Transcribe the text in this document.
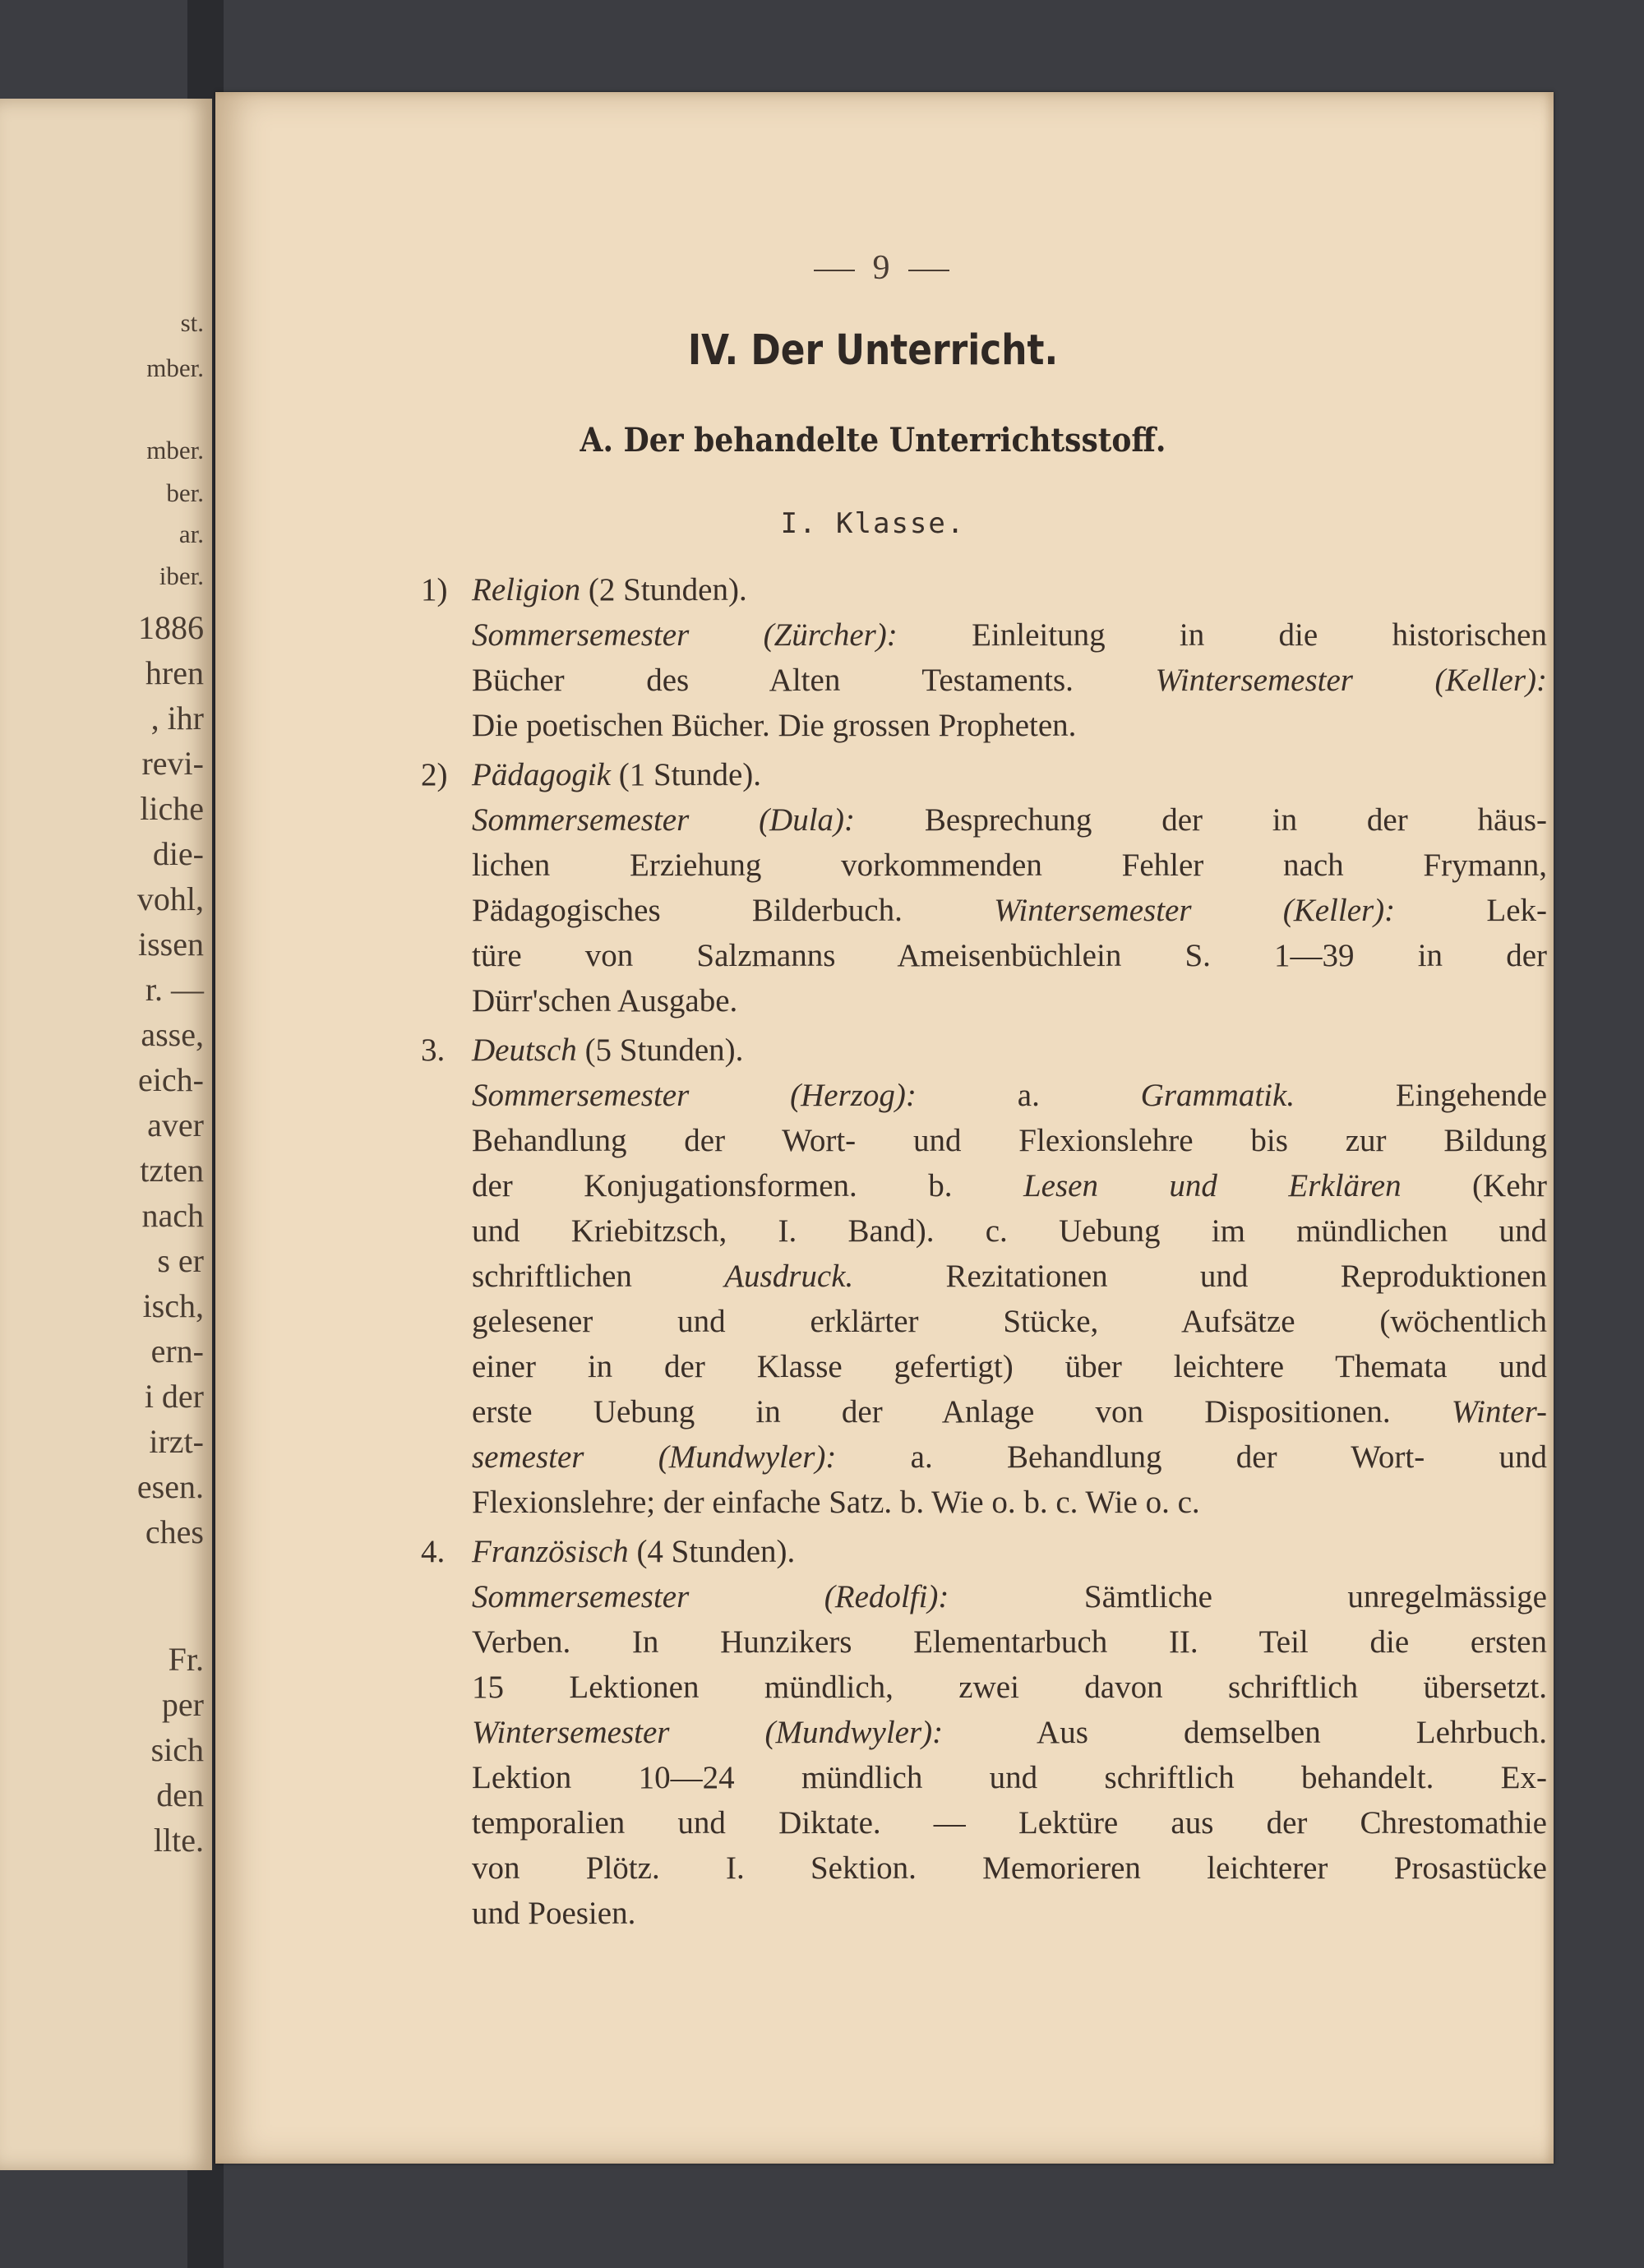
st.
mber.
mber.
ber.
ar.
iber.
1886
hren
, ihr
revi-
liche
die-
vohl,
issen
r. —
asse,
eich-
aver
tzten
nach
s er
isch,
ern-
i der
irzt-
esen.
ches
Fr.
per
sich
den
llte.
9
IV. Der Unterricht.
A. Der behandelte Unterrichtsstoff.
I. Klasse.
1) Religion (2 Stunden).
Sommersemester (Zürcher): Einleitung in die historischen
Bücher des Alten Testaments. Wintersemester (Keller):
Die poetischen Bücher. Die grossen Propheten.
2) Pädagogik (1 Stunde).
Sommersemester (Dula): Besprechung der in der häus-
lichen Erziehung vorkommenden Fehler nach Frymann,
Pädagogisches Bilderbuch. Wintersemester (Keller): Lek-
türe von Salzmanns Ameisenbüchlein S. 1—39 in der
Dürr'schen Ausgabe.
3. Deutsch (5 Stunden).
Sommersemester (Herzog): a. Grammatik. Eingehende
Behandlung der Wort- und Flexionslehre bis zur Bildung
der Konjugationsformen. b. Lesen und Erklären (Kehr
und Kriebitzsch, I. Band). c. Uebung im mündlichen und
schriftlichen Ausdruck. Rezitationen und Reproduktionen
gelesener und erklärter Stücke, Aufsätze (wöchentlich
einer in der Klasse gefertigt) über leichtere Themata und
erste Uebung in der Anlage von Dispositionen. Winter-
semester (Mundwyler): a. Behandlung der Wort- und
Flexionslehre; der einfache Satz. b. Wie o. b. c. Wie o. c.
4. Französisch (4 Stunden).
Sommersemester (Redolfi): Sämtliche unregelmässige
Verben. In Hunzikers Elementarbuch II. Teil die ersten
15 Lektionen mündlich, zwei davon schriftlich übersetzt.
Wintersemester (Mundwyler): Aus demselben Lehrbuch.
Lektion 10—24 mündlich und schriftlich behandelt. Ex-
temporalien und Diktate. — Lektüre aus der Chrestomathie
von Plötz. I. Sektion. Memorieren leichterer Prosastücke
und Poesien.
